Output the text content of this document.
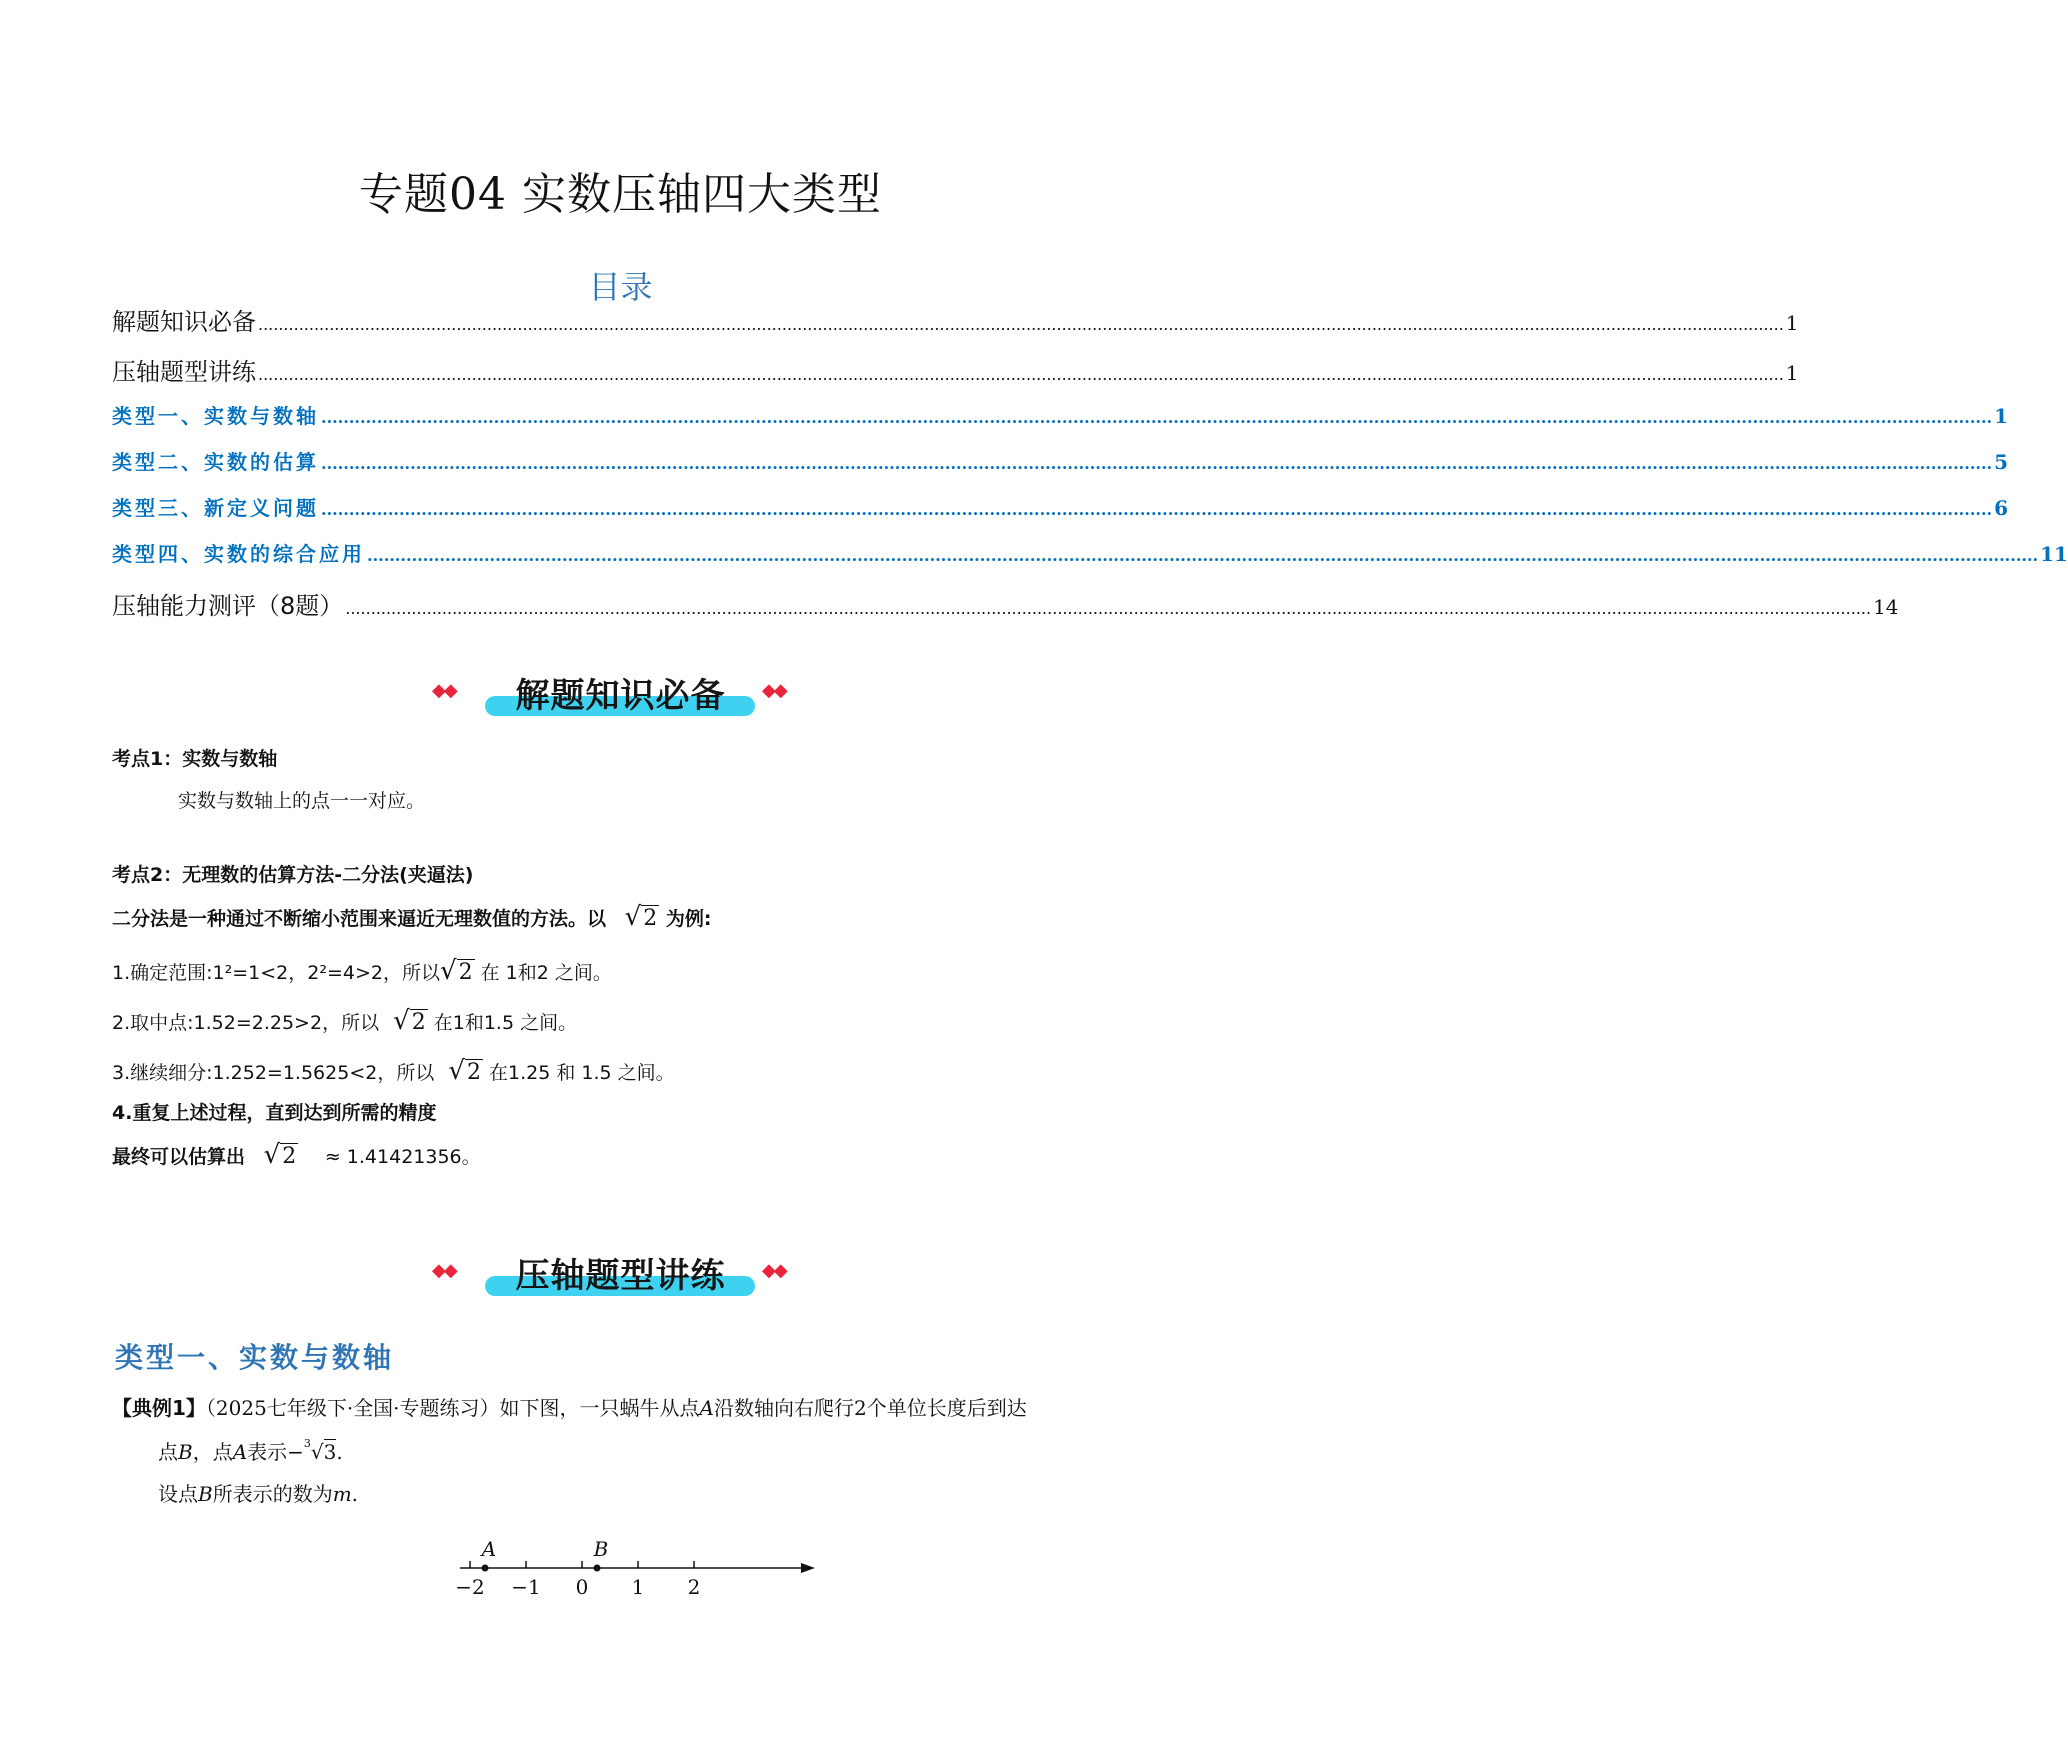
专题04 实数压轴四大类型
目录
解题知识必备 ............................................................................................................................................................................................................................................................................................................ 1
压轴题型讲练 ............................................................................................................................................................................................................................................................................................................ 1
类型一、实数与数轴 ............................................................................................................................................................................................................................................................................................................ 1
类型二、实数的估算 ............................................................................................................................................................................................................................................................................................................ 5
类型三、新定义问题 ............................................................................................................................................................................................................................................................................................................ 6
类型四、实数的综合应用 ............................................................................................................................................................................................................................................................................................................ 11
压轴能力测评（8题） ............................................................................................................................................................................................................................................................................................................ 14
◆◆	解题知识必备	◆◆
考点1：实数与数轴
实数与数轴上的点一一对应。
考点2：无理数的估算方法-二分法(夹逼法)
二分法是一种通过不断缩小范围来逼近无理数值的方法。以 √2 为例:
1.确定范围:1²=1<2，2²=4>2，所以√2 在 1和2 之间。
2.取中点:1.52=2.25>2，所以 √2 在1和1.5 之间。
3.继续细分:1.252=1.5625<2，所以 √2 在1.25 和 1.5 之间。
4.重复上述过程，直到达到所需的精度
最终可以估算出 √2 ≈ 1.41421356。
◆◆	压轴题型讲练	◆◆
类型一、实数与数轴
【典例1】（2025七年级下·全国·专题练习）如下图，一只蜗牛从点A沿数轴向右爬行2个单位长度后到达
点B，点A表示−$^3$√3.
设点B所表示的数为m.
−2 −1 0 1 2
A	B
